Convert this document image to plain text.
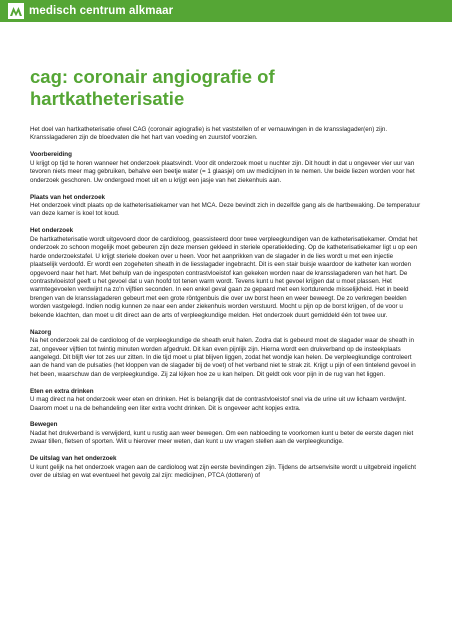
medisch centrum alkmaar
cag: coronair angiografie of hartkatheterisatie

Het doel van hartkatheterisatie ofwel CAG (coronair agiografie) is het vaststellen of er vernauwingen in de kransslagader(en) zijn. Kransslagaderen zijn de bloedvaten die het hart van voeding en zuurstof voorzien.

Voorbereiding

U krijgt op tijd te horen wanneer het onderzoek plaatsvindt. Voor dit onderzoek moet u nuchter zijn. Dit houdt in dat u ongeveer vier uur van tevoren niets meer mag gebruiken, behalve een beetje water (= 1 glaasje) om uw medicijnen in te nemen. Uw beide liezen worden voor het onderzoek geschoren. Uw ondergoed moet uit en u krijgt een jasje van het ziekenhuis aan.

Plaats van het onderzoek

Het onderzoek vindt plaats op de katheterisatiekamer van het MCA. Deze bevindt zich in dezelfde gang als de hartbewaking. De temperatuur van deze kamer is koel tot koud.

Het onderzoek

De hartkatheterisatie wordt uitgevoerd door de cardioloog, geassisteerd door twee verpleegkundigen van de katheterisatiekamer. Omdat het onderzoek zo schoon mogelijk moet gebeuren zijn deze mensen gekleed in steriele operatiekleding. Op de katheterisatiekamer ligt u op een harde onderzoekstafel. U krijgt steriele doeken over u heen. Voor het aanprikken van de slagader in de lies wordt u met een injectie plaatselijk verdoofd. Er wordt een zogeheten sheath in de liesslagader ingebracht. Dit is een stair buisje waardoor de katheter kan worden opgevoerd naar het hart. Met behulp van de ingespoten contrastvloeistof kan gekeken worden naar de kransslagaderen van het hart. De contrastvloeistof geeft u het gevoel dat u van hoofd tot tenen warm wordt. Tevens kunt u het gevoel krijgen dat u moet plassen. Het warmtegevoelen verdwijnt na zo'n vijftien seconden. In een enkel geval gaan ze gepaard met een kortdurende misselijkheid. Het in beeld brengen van de kransslagaderen gebeurt met een grote röntgenbuis die over uw borst heen en weer beweegt. De zo verkregen beelden worden vastgelegd. Indien nodig kunnen ze naar een ander ziekenhuis worden verstuurd. Mocht u pijn op de borst krijgen, of de voor u bekende klachten, dan moet u dit direct aan de arts of verpleegkundige melden. Het onderzoek duurt gemiddeld één tot twee uur.

Nazorg

Na het onderzoek zal de cardioloog of de verpleegkundige de sheath eruit halen. Zodra dat is gebeurd moet de slagader waar de sheath in zat, ongeveer vijftien tot twintig minuten worden afgedrukt. Dit kan even pijnlijk zijn. Hierna wordt een drukverband op de insteekplaats aangelegd. Dit blijft vier tot zes uur zitten. In die tijd moet u plat blijven liggen, zodat het wondje kan helen. De verpleegkundige controleert aan de hand van de pulsaties (het kloppen van de slagader bij de voet) of het verband niet te strak zit. Krijgt u pijn of een tintelend gevoel in het been, waarschuw dan de verpleegkundige. Zij zal kijken hoe ze u kan helpen. Dit geldt ook voor pijn in de rug van het liggen.

Eten en extra drinken

U mag direct na het onderzoek weer eten en drinken. Het is belangrijk dat de contrastvloeistof snel via de urine uit uw lichaam verdwijnt. Daarom moet u na de behandeling een liter extra vocht drinken. Dit is ongeveer acht kopjes extra.

Bewegen

Nadat het drukverband is verwijderd, kunt u rustig aan weer bewegen. Om een nabloeding te voorkomen kunt u beter de eerste dagen niet zwaar tillen, fietsen of sporten. Wilt u hierover meer weten, dan kunt u uw vragen stellen aan de verpleegkundige.

De uitslag van het onderzoek

U kunt gelijk na het onderzoek vragen aan de cardioloog wat zijn eerste bevindingen zijn. Tijdens de artsenvisite wordt u uitgebreid ingelicht over de uitslag en wat eventueel het gevolg zal zijn: medicijnen, PTCA (dotteren) of
